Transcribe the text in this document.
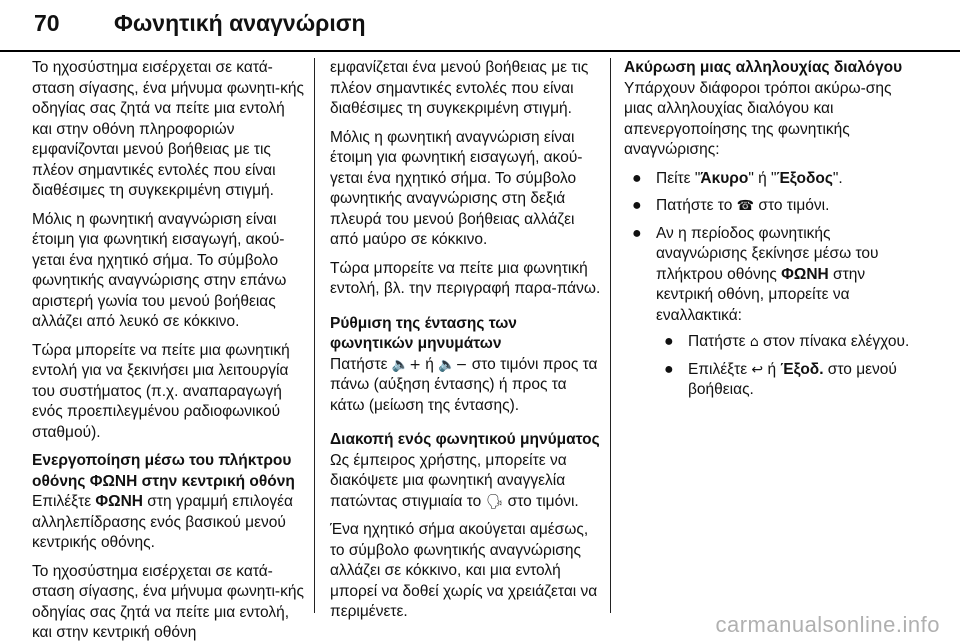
70 Φωνητική αναγνώριση

Το ηχοσύστημα εισέρχεται σε κατά-σταση σίγασης, ένα μήνυμα φωνητι-κής οδηγίας σας ζητά να πείτε μια εντολή και στην οθόνη πληροφοριών εμφανίζονται μενού βοήθειας με τις πλέον σημαντικές εντολές που είναι διαθέσιμες τη συγκεκριμένη στιγμή.

Μόλις η φωνητική αναγνώριση είναι έτοιμη για φωνητική εισαγωγή, ακού-γεται ένα ηχητικό σήμα. Το σύμβολο φωνητικής αναγνώρισης στην επάνω αριστερή γωνία του μενού βοήθειας αλλάζει από λευκό σε κόκκινο.

Τώρα μπορείτε να πείτε μια φωνητική εντολή για να ξεκινήσει μια λειτουργία του συστήματος (π.χ. αναπαραγωγή ενός προεπιλεγμένου ραδιοφωνικού σταθμού).

Ενεργοποίηση μέσω του πλήκτρου οθόνης ΦΩΝΗ στην κεντρική οθόνη

Επιλέξτε ΦΩΝΗ στη γραμμή επιλογέα αλληλεπίδρασης ενός βασικού μενού κεντρικής οθόνης.

Το ηχοσύστημα εισέρχεται σε κατά-σταση σίγασης, ένα μήνυμα φωνητι-κής οδηγίας σας ζητά να πείτε μια εντολή, και στην κεντρική οθόνη

εμφανίζεται ένα μενού βοήθειας με τις πλέον σημαντικές εντολές που είναι διαθέσιμες τη συγκεκριμένη στιγμή.

Μόλις η φωνητική αναγνώριση είναι έτοιμη για φωνητική εισαγωγή, ακού-γεται ένα ηχητικό σήμα. Το σύμβολο φωνητικής αναγνώρισης στη δεξιά πλευρά του μενού βοήθειας αλλάζει από μαύρο σε κόκκινο.

Τώρα μπορείτε να πείτε μια φωνητική εντολή, βλ. την περιγραφή παρα-πάνω.

Ρύθμιση της έντασης των φωνητικών μηνυμάτων

Πατήστε 🔈+ ή 🔈− στο τιμόνι προς τα πάνω (αύξηση έντασης) ή προς τα κάτω (μείωση της έντασης).

Διακοπή ενός φωνητικού μηνύματος

Ως έμπειρος χρήστης, μπορείτε να διακόψετε μια φωνητική αναγγελία πατώντας στιγμιαία το 🗣 στο τιμόνι.

Ένα ηχητικό σήμα ακούγεται αμέσως, το σύμβολο φωνητικής αναγνώρισης αλλάζει σε κόκκινο, και μια εντολή μπορεί να δοθεί χωρίς να χρειάζεται να περιμένετε.

Ακύρωση μιας αλληλουχίας διαλόγου

Υπάρχουν διάφοροι τρόποι ακύρω-σης μιας αλληλουχίας διαλόγου και απενεργοποίησης της φωνητικής αναγνώρισης:

● Πείτε "Άκυρο" ή "Έξοδος".
● Πατήστε το ☎ στο τιμόνι.
● Αν η περίοδος φωνητικής αναγνώρισης ξεκίνησε μέσω του πλήκτρου οθόνης ΦΩΝΗ στην κεντρική οθόνη, μπορείτε να εναλλακτικά:
● Πατήστε ⌂ στον πίνακα ελέγχου.
● Επιλέξτε ↩ ή Έξοδ. στο μενού βοήθειας.
carmanualsonline.info
